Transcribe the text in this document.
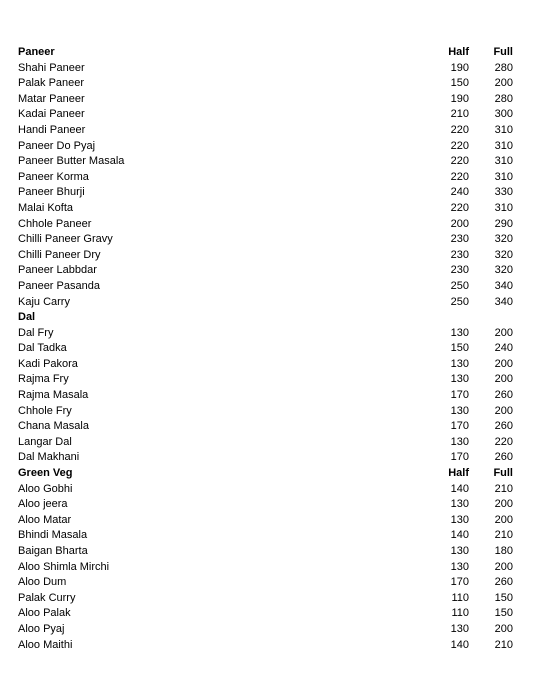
Paneer	Half Full
Shahi Paneer	190 280
Palak Paneer	150 200
Matar Paneer	190 280
Kadai Paneer	210 300
Handi Paneer	220 310
Paneer Do Pyaj	220 310
Paneer Butter Masala	220 310
Paneer Korma	220 310
Paneer Bhurji	240 330
Malai Kofta	220 310
Chhole Paneer	200 290
Chilli Paneer Gravy	230 320
Chilli Paneer Dry	230 320
Paneer Labbdar	230 320
Paneer Pasanda	250 340
Kaju Carry	250 340
Dal
Dal Fry	130 200
Dal Tadka	150 240
Kadi Pakora	130 200
Rajma Fry	130 200
Rajma Masala	170 260
Chhole Fry	130 200
Chana Masala	170 260
Langar Dal	130 220
Dal Makhani	170 260
Green Veg	Half Full
Aloo Gobhi	140 210
Aloo jeera	130 200
Aloo Matar	130 200
Bhindi Masala	140 210
Baigan Bharta	130 180
Aloo Shimla Mirchi	130 200
Aloo Dum	170 260
Palak Curry	110 150
Aloo Palak	110 150
Aloo Pyaj	130 200
Aloo Maithi	140 210
